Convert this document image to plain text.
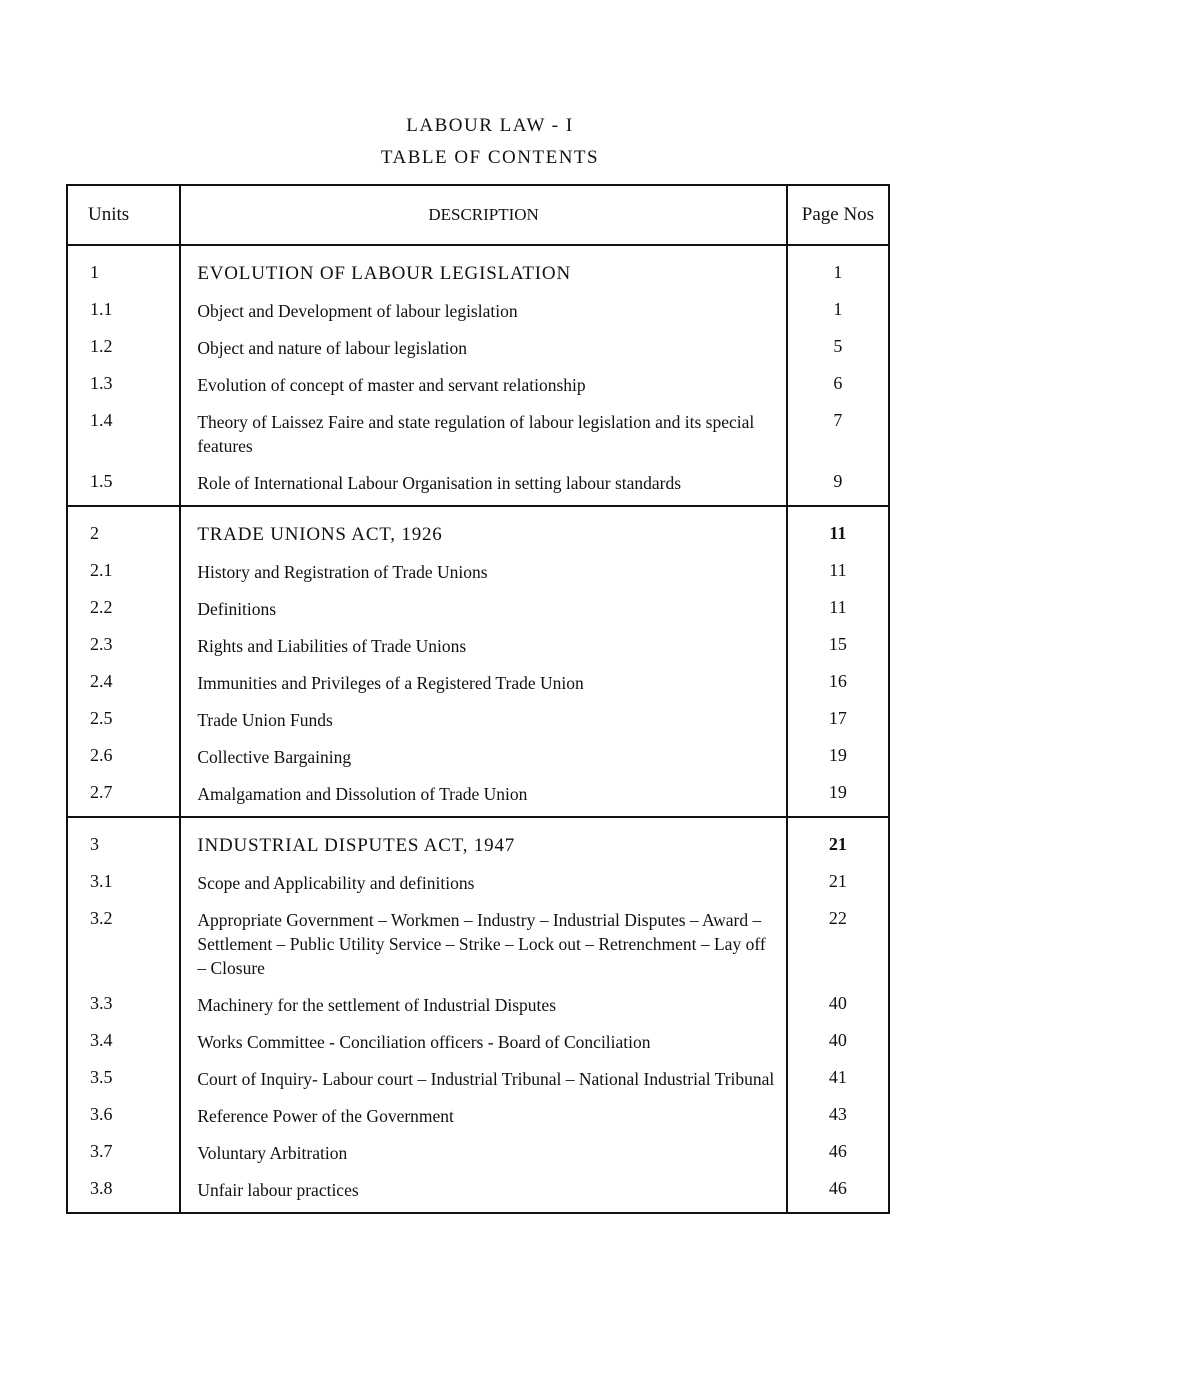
LABOUR LAW - I
TABLE OF CONTENTS
Units	DESCRIPTION	Page Nos
1	EVOLUTION OF LABOUR LEGISLATION	1
1.1	Object and Development of labour legislation	1
1.2	Object and nature of labour legislation	5
1.3	Evolution of concept of master and servant relationship	6
1.4	Theory of Laissez Faire and state regulation of labour legislation and its special features	7
1.5	Role of International Labour Organisation in setting labour standards	9
2	TRADE UNIONS ACT, 1926	11
2.1	History and Registration of Trade Unions	11
2.2	Definitions	11
2.3	Rights and Liabilities of Trade Unions	15
2.4	Immunities and Privileges of a Registered Trade Union	16
2.5	Trade Union Funds	17
2.6	Collective Bargaining	19
2.7	Amalgamation and Dissolution of Trade Union	19
3	INDUSTRIAL DISPUTES ACT, 1947	21
3.1	Scope and Applicability and definitions	21
3.2	Appropriate Government – Workmen – Industry – Industrial Disputes – Award – Settlement – Public Utility Service – Strike – Lock out – Retrenchment – Lay off – Closure	22
3.3	Machinery for the settlement of Industrial Disputes	40
3.4	Works Committee - Conciliation officers - Board of Conciliation	40
3.5	Court of Inquiry- Labour court – Industrial Tribunal – National Industrial Tribunal	41
3.6	Reference Power of the Government	43
3.7	Voluntary Arbitration	46
3.8	Unfair labour practices	46
